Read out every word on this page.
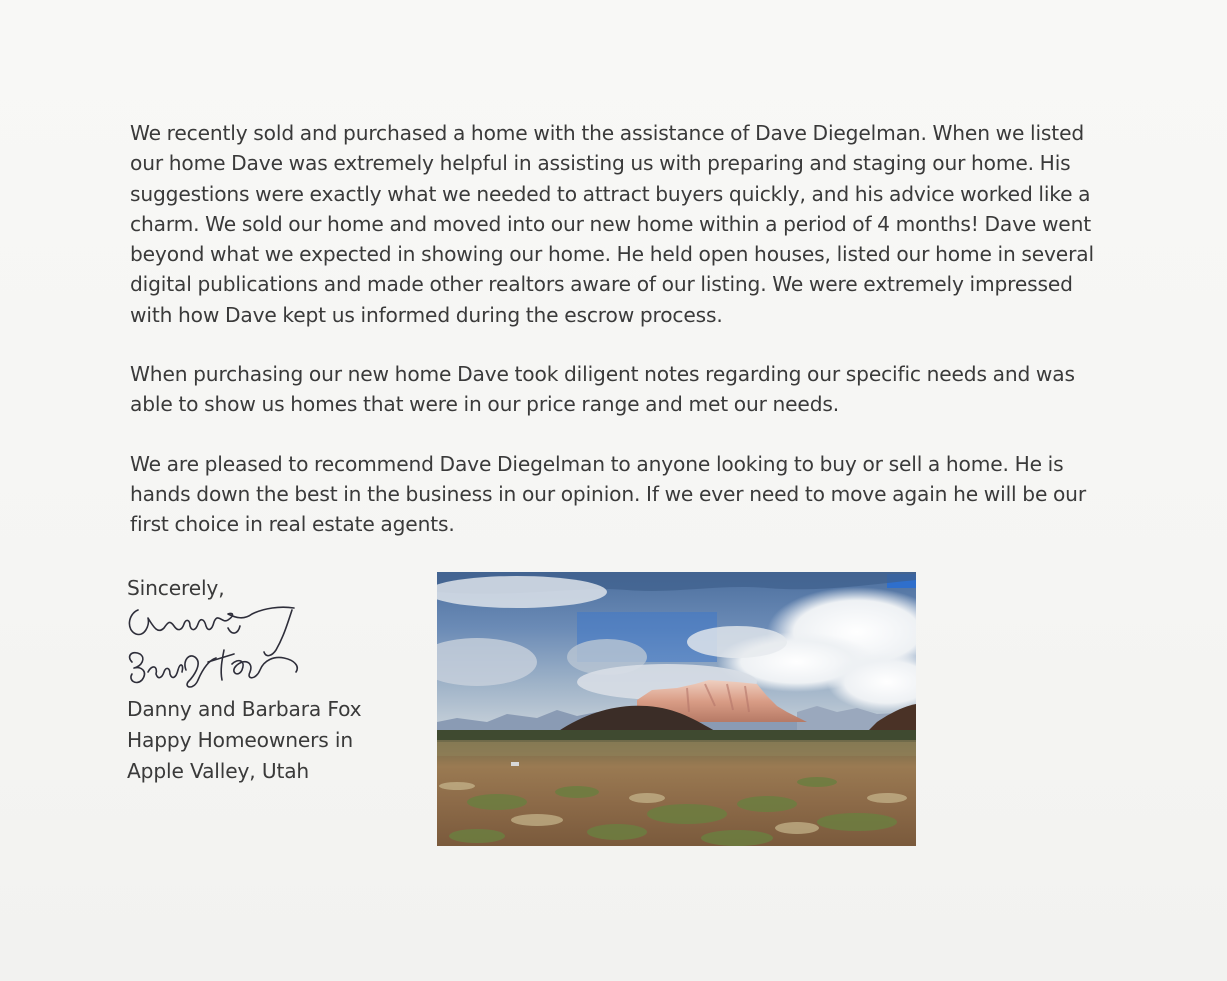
We recently sold and purchased a home with the assistance of Dave Diegelman. When we listed our home Dave was extremely helpful in assisting us with preparing and staging our home. His suggestions were exactly what we needed to attract buyers quickly, and his advice worked like a charm. We sold our home and moved into our new home within a period of 4 months! Dave went beyond what we expected in showing our home. He held open houses, listed our home in several digital publications and made other realtors aware of our listing. We were extremely impressed with how Dave kept us informed during the escrow process.

When purchasing our new home Dave took diligent notes regarding our specific needs and was able to show us homes that were in our price range and met our needs.

We are pleased to recommend Dave Diegelman to anyone looking to buy or sell a home. He is hands down the best in the business in our opinion. If we ever need to move again he will be our first choice in real estate agents.

Sincerely,
Danny and Barbara Fox
Happy Homeowners in
Apple Valley, Utah
